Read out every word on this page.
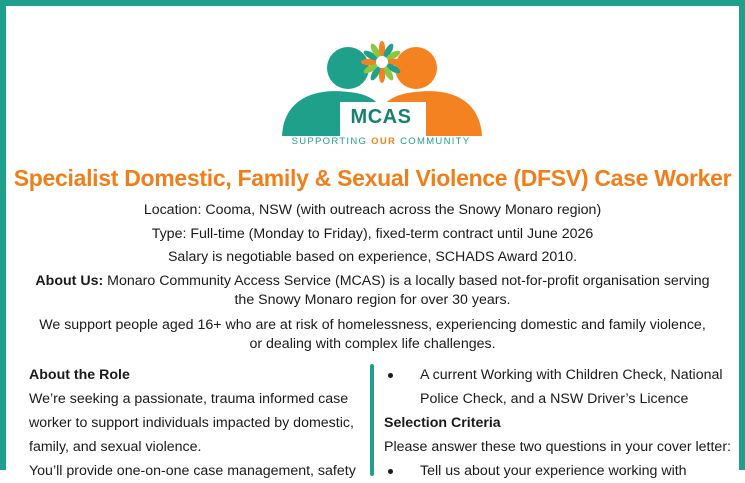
MCAS
SUPPORTING OUR COMMUNITY
Specialist Domestic, Family & Sexual Violence (DFSV) Case Worker
Location: Cooma, NSW (with outreach across the Snowy Monaro region)
Type: Full-time (Monday to Friday), fixed-term contract until June 2026
Salary is negotiable based on experience, SCHADS Award 2010.
About Us: Monaro Community Access Service (MCAS) is a locally based not-for-profit organisation serving
the Snowy Monaro region for over 30 years.
We support people aged 16+ who are at risk of homelessness, experiencing domestic and family violence,
or dealing with complex life challenges.
About the Role
We’re seeking a passionate, trauma informed case
worker to support individuals impacted by domestic,
family, and sexual violence.
You’ll provide one-on-one case management, safety
A current Working with Children Check, National
Police Check, and a NSW Driver’s Licence
Selection Criteria
Please answer these two questions in your cover letter:
Tell us about your experience working with
